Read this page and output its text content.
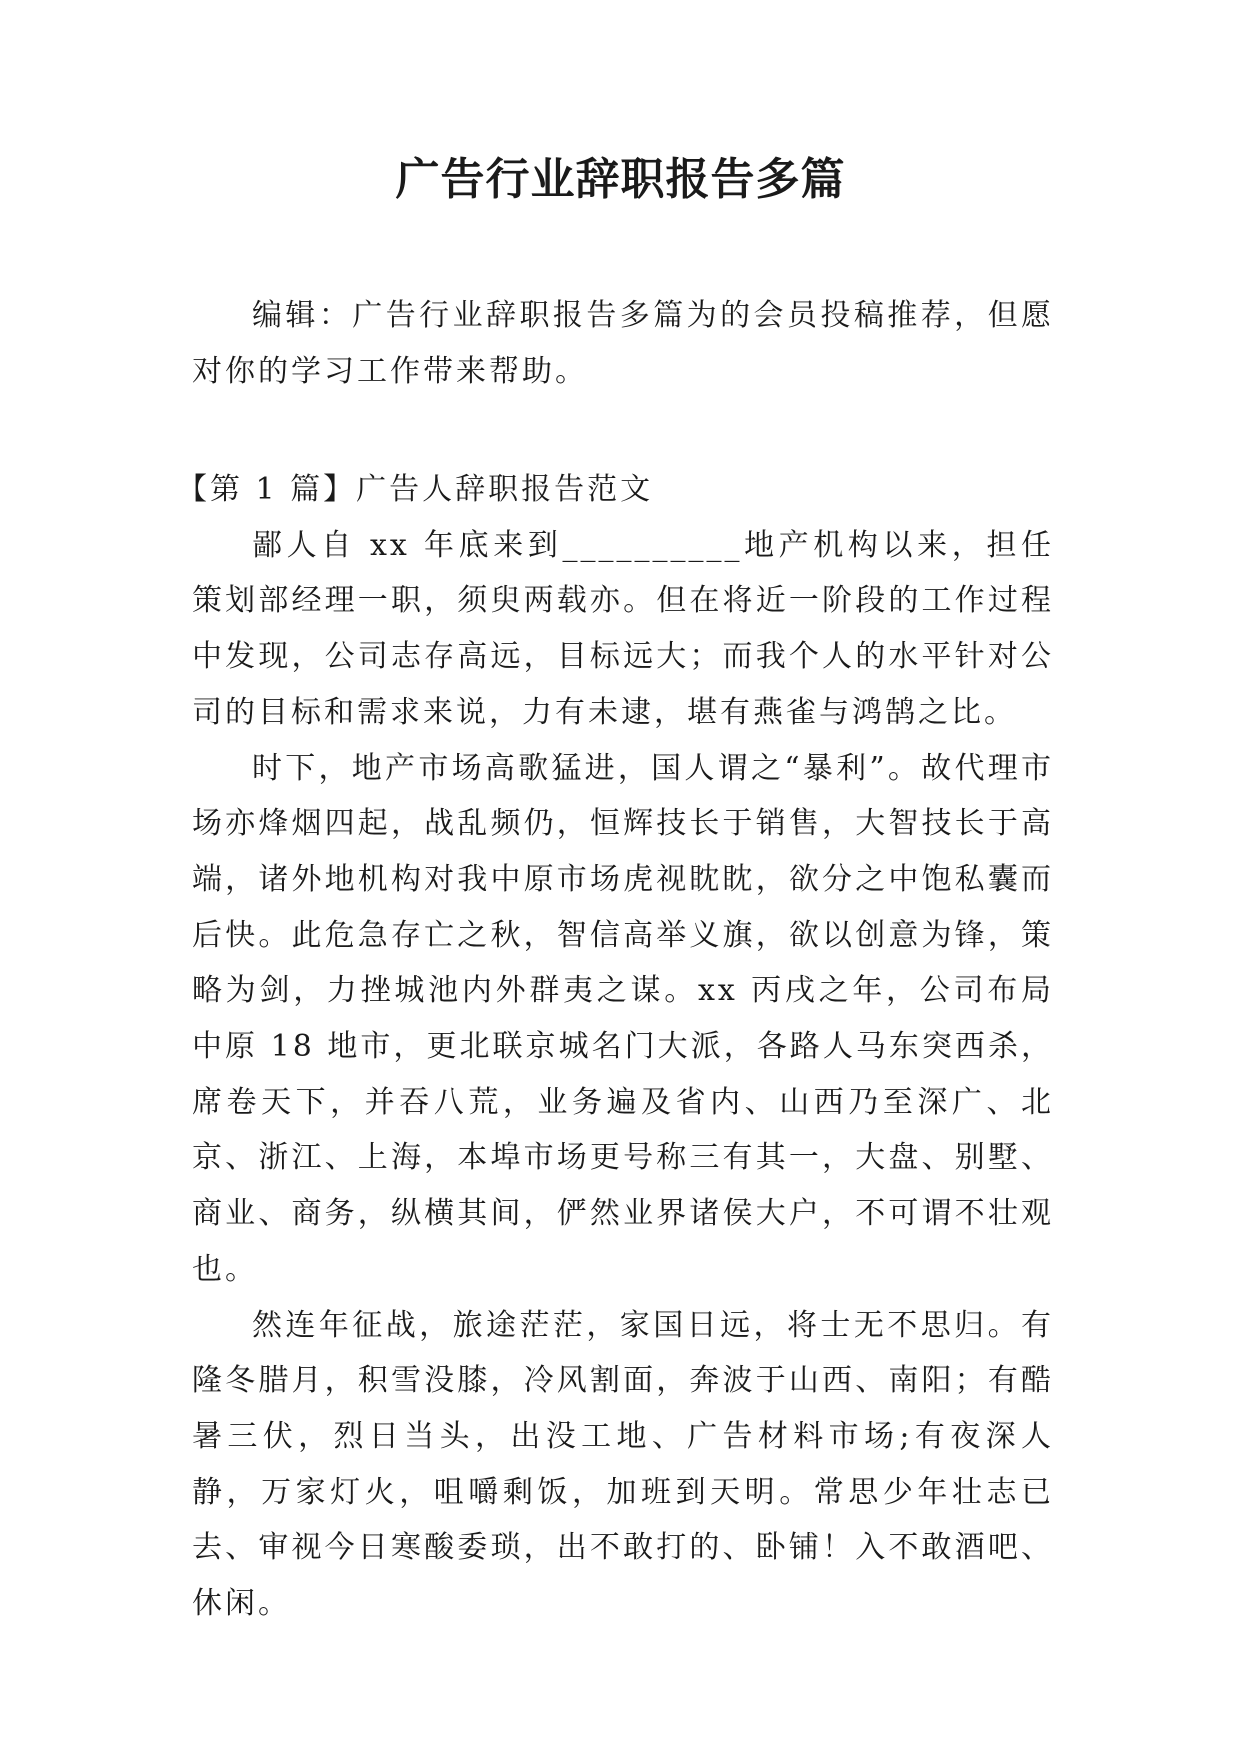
广告行业辞职报告多篇

编辑：广告行业辞职报告多篇为的会员投稿推荐，但愿对你的学习工作带来帮助。

【第 1 篇】广告人辞职报告范文

鄙人自 xx 年底来到__________地产机构以来，担任策划部经理一职，须臾两载亦。但在将近一阶段的工作过程中发现，公司志存高远，目标远大；而我个人的水平针对公司的目标和需求来说，力有未逮，堪有燕雀与鸿鹄之比。

时下，地产市场高歌猛进，国人谓之“暴利”。故代理市场亦烽烟四起，战乱频仍，恒辉技长于销售，大智技长于高端，诸外地机构对我中原市场虎视眈眈，欲分之中饱私囊而后快。此危急存亡之秋，智信高举义旗，欲以创意为锋，策略为剑，力挫城池内外群夷之谋。xx 丙戌之年，公司布局中原 18 地市，更北联京城名门大派，各路人马东突西杀，席卷天下，并吞八荒，业务遍及省内、山西乃至深广、北京、浙江、上海，本埠市场更号称三有其一，大盘、别墅、商业、商务，纵横其间，俨然业界诸侯大户，不可谓不壮观也。

然连年征战，旅途茫茫，家国日远，将士无不思归。有隆冬腊月，积雪没膝，冷风割面，奔波于山西、南阳；有酷暑三伏，烈日当头，出没工地、广告材料市场;有夜深人静，万家灯火，咀嚼剩饭，加班到天明。常思少年壮志已去、审视今日寒酸委琐，出不敢打的、卧铺！入不敢酒吧、休闲。
